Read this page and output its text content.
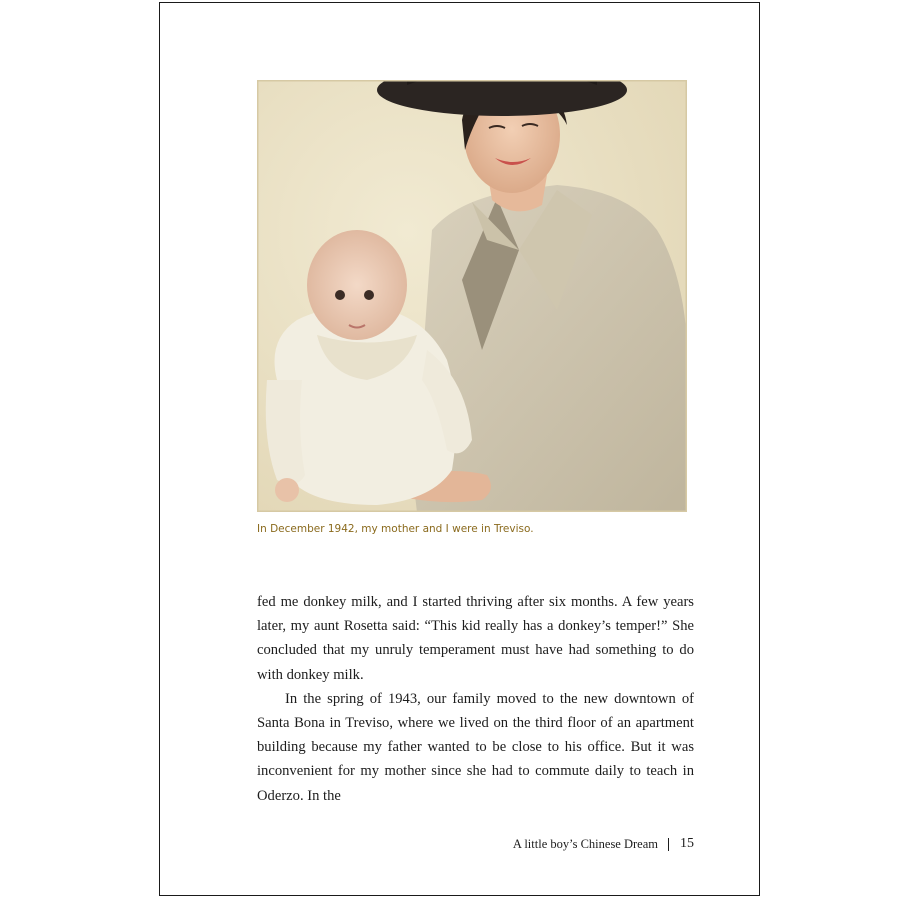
In December 1942, my mother and I were in Treviso.

fed me donkey milk, and I started thriving after six months. A few years later, my aunt Rosetta said: “This kid really has a donkey’s temper!” She concluded that my unruly temperament must have had something to do with donkey milk.

In the spring of 1943, our family moved to the new downtown of Santa Bona in Treviso, where we lived on the third floor of an apartment building because my father wanted to be close to his office. But it was inconvenient for my mother since she had to commute daily to teach in Oderzo. In the

A little boy’s Chinese Dream 15
